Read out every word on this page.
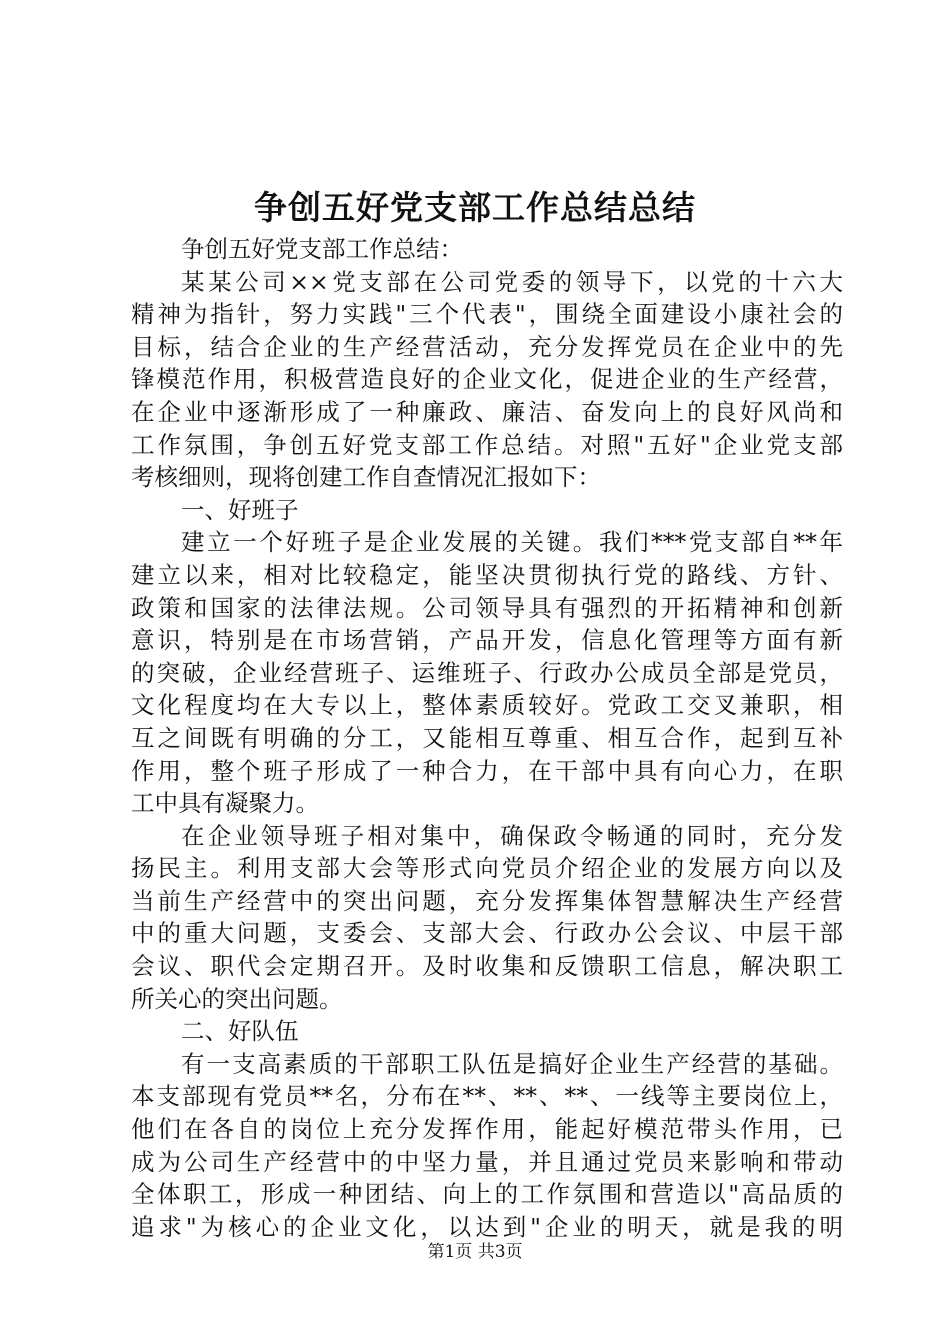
争创五好党支部工作总结总结
争创五好党支部工作总结：
某某公司××党支部在公司党委的领导下，以党的十六大
精神为指针，努力实践"三个代表"，围绕全面建设小康社会的
目标，结合企业的生产经营活动，充分发挥党员在企业中的先
锋模范作用，积极营造良好的企业文化，促进企业的生产经营，
在企业中逐渐形成了一种廉政、廉洁、奋发向上的良好风尚和
工作氛围，争创五好党支部工作总结。对照"五好"企业党支部
考核细则，现将创建工作自查情况汇报如下：
一、好班子
建立一个好班子是企业发展的关键。我们***党支部自**年
建立以来，相对比较稳定，能坚决贯彻执行党的路线、方针、
政策和国家的法律法规。公司领导具有强烈的开拓精神和创新
意识，特别是在市场营销，产品开发，信息化管理等方面有新
的突破，企业经营班子、运维班子、行政办公成员全部是党员，
文化程度均在大专以上，整体素质较好。党政工交叉兼职，相
互之间既有明确的分工，又能相互尊重、相互合作，起到互补
作用，整个班子形成了一种合力，在干部中具有向心力，在职
工中具有凝聚力。
在企业领导班子相对集中，确保政令畅通的同时，充分发
扬民主。利用支部大会等形式向党员介绍企业的发展方向以及
当前生产经营中的突出问题，充分发挥集体智慧解决生产经营
中的重大问题，支委会、支部大会、行政办公会议、中层干部
会议、职代会定期召开。及时收集和反馈职工信息，解决职工
所关心的突出问题。
二、好队伍
有一支高素质的干部职工队伍是搞好企业生产经营的基础。
本支部现有党员**名，分布在**、**、**、一线等主要岗位上，
他们在各自的岗位上充分发挥作用，能起好模范带头作用，已
成为公司生产经营中的中坚力量，并且通过党员来影响和带动
全体职工，形成一种团结、向上的工作氛围和营造以"高品质的
追求"为核心的企业文化，以达到"企业的明天，就是我的明
第1页 共3页
